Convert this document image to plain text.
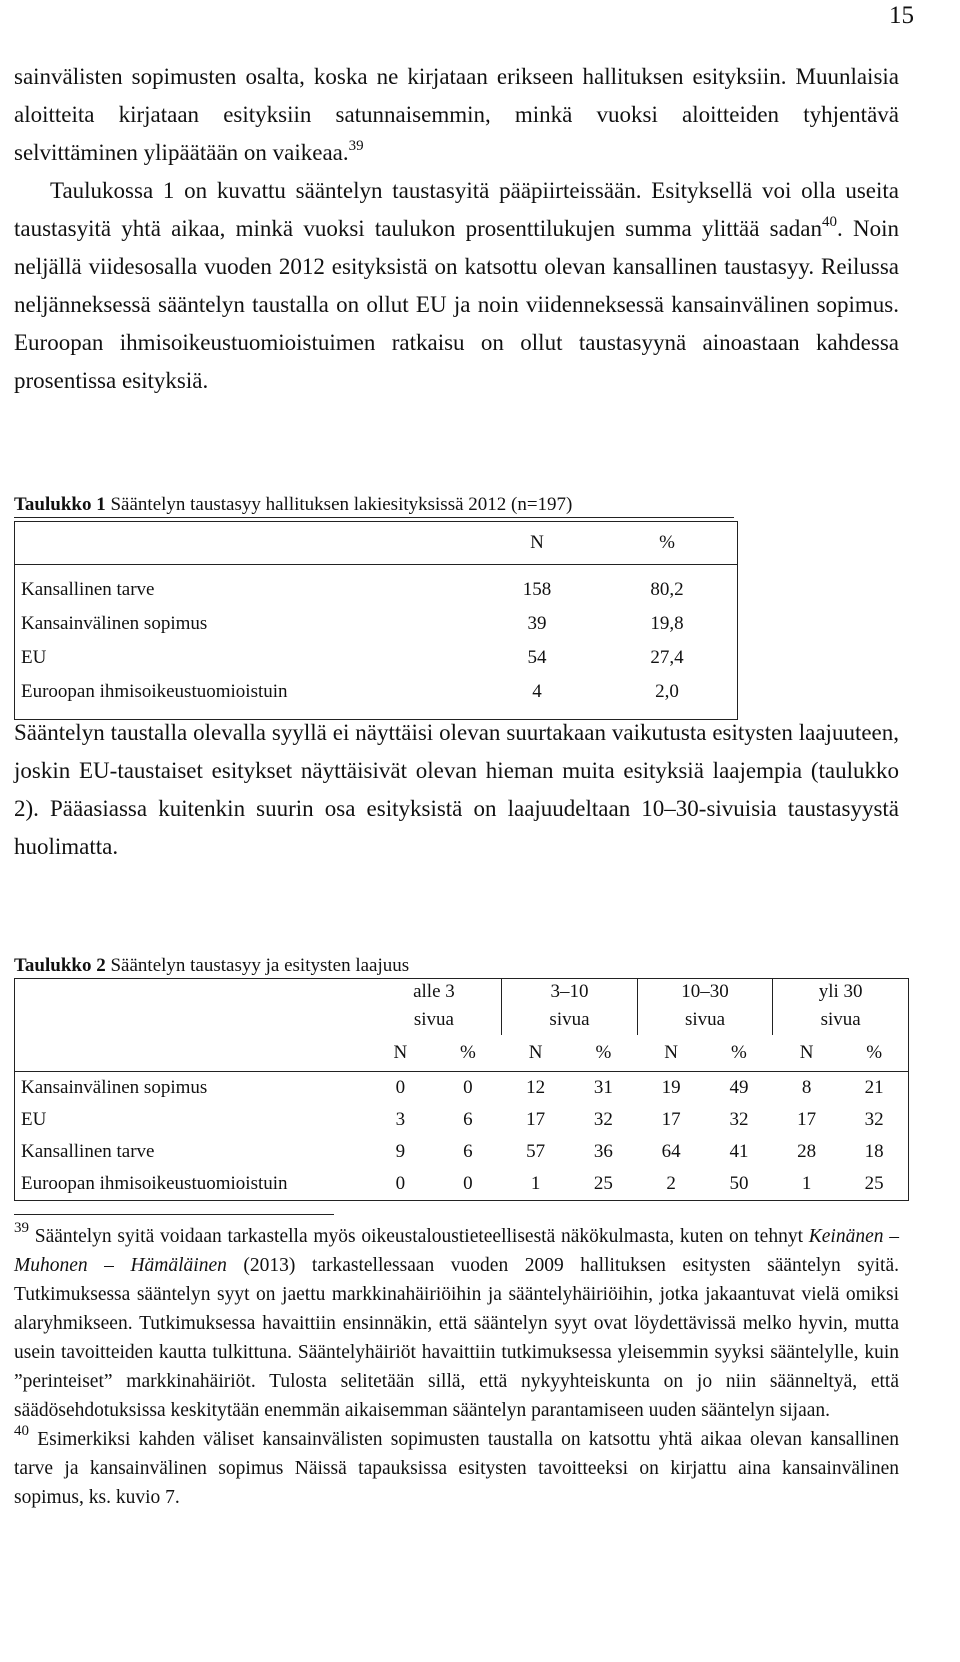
15

sainvälisten sopimusten osalta, koska ne kirjataan erikseen hallituksen esityksiin. Muunlaisia aloitteita kirjataan esityksiin satunnaisemmin, minkä vuoksi aloitteiden tyhjentävä selvittäminen ylipäätään on vaikeaa.$^{39}$
Taulukossa 1 on kuvattu sääntelyn taustasyitä pääpiirteissään. Esityksellä voi olla useita taustasyitä yhtä aikaa, minkä vuoksi taulukon prosenttilukujen summa ylittää sadan$^{40}$. Noin neljällä viidesosalla vuoden 2012 esityksistä on katsottu olevan kansallinen taustasyy. Reilussa neljänneksessä sääntelyn taustalla on ollut EU ja noin viidenneksessä kansainvälinen sopimus. Euroopan ihmisoikeustuomioistuimen ratkaisu on ollut taustasyynä ainoastaan kahdessa prosentissa esityksiä.

Taulukko 1 Sääntelyn taustasyy hallituksen lakiesityksissä 2012 (n=197)

	N	%
Kansallinen tarve	158	80,2
Kansainvälinen sopimus	39	19,8
EU	54	27,4
Euroopan ihmisoikeustuomioistuin	4	2,0

Sääntelyn taustalla olevalla syyllä ei näyttäisi olevan suurtakaan vaikutusta esitysten laajuuteen, joskin EU-taustaiset esitykset näyttäisivät olevan hieman muita esityksiä laajempia (taulukko 2). Pääasiassa kuitenkin suurin osa esityksistä on laajuudeltaan 10–30-sivuisia taustasyystä huolimatta.

Taulukko 2 Sääntelyn taustasyy ja esitysten laajuus

	alle 3		3–10		10–30		yli 30	
	sivua		sivua		sivua		sivua	
	N	%	N	%	N	%	N	%
Kansainvälinen sopimus	0	0	12	31	19	49	8	21
EU	3	6	17	32	17	32	17	32
Kansallinen tarve	9	6	57	36	64	41	28	18
Euroopan ihmisoikeustuomioistuin	0	0	1	25	2	50	1	25

$^{39}$ Sääntelyn syitä voidaan tarkastella myös oikeustaloustieteellisestä näkökulmasta, kuten on tehnyt Keinänen – Muhonen – Hämäläinen (2013) tarkastellessaan vuoden 2009 hallituksen esitysten sääntelyn syitä. Tutkimuksessa sääntelyn syyt on jaettu markkinahäiriöihin ja sääntelyhäiriöihin, jotka jakaantuvat vielä omiksi alaryhmikseen. Tutkimuksessa havaittiin ensinnäkin, että sääntelyn syyt ovat löydettävissä melko hyvin, mutta usein tavoitteiden kautta tulkittuna. Sääntelyhäiriöt havaittiin tutkimuksessa yleisemmin syyksi sääntelylle, kuin ”perinteiset” markkinahäiriöt. Tulosta selitetään sillä, että nykyyhteiskunta on jo niin säänneltyä, että säädösehdotuksissa keskitytään enemmän aikaisemman sääntelyn parantamiseen uuden sääntelyn sijaan.

$^{40}$ Esimerkiksi kahden väliset kansainvälisten sopimusten taustalla on katsottu yhtä aikaa olevan kansallinen tarve ja kansainvälinen sopimus Näissä tapauksissa esitysten tavoitteeksi on kirjattu aina kansainvälinen sopimus, ks. kuvio 7.
